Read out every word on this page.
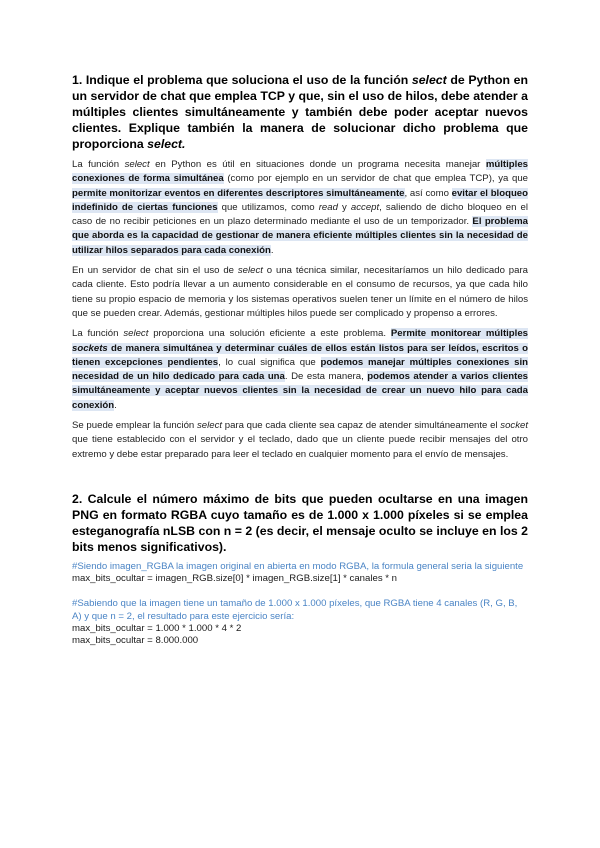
1. Indique el problema que soluciona el uso de la función select de Python en un servidor de chat que emplea TCP y que, sin el uso de hilos, debe atender a múltiples clientes simultáneamente y también debe poder aceptar nuevos clientes. Explique también la manera de solucionar dicho problema que proporciona select.

La función select en Python es útil en situaciones donde un programa necesita manejar múltiples conexiones de forma simultánea (como por ejemplo en un servidor de chat que emplea TCP), ya que permite monitorizar eventos en diferentes descriptores simultáneamente, así como evitar el bloqueo indefinido de ciertas funciones que utilizamos, como read y accept, saliendo de dicho bloqueo en el caso de no recibir peticiones en un plazo determinado mediante el uso de un temporizador. El problema que aborda es la capacidad de gestionar de manera eficiente múltiples clientes sin la necesidad de utilizar hilos separados para cada conexión.

En un servidor de chat sin el uso de select o una técnica similar, necesitaríamos un hilo dedicado para cada cliente. Esto podría llevar a un aumento considerable en el consumo de recursos, ya que cada hilo tiene su propio espacio de memoria y los sistemas operativos suelen tener un límite en el número de hilos que se pueden crear. Además, gestionar múltiples hilos puede ser complicado y propenso a errores.

La función select proporciona una solución eficiente a este problema. Permite monitorear múltiples sockets de manera simultánea y determinar cuáles de ellos están listos para ser leídos, escritos o tienen excepciones pendientes, lo cual significa que podemos manejar múltiples conexiones sin necesidad de un hilo dedicado para cada una. De esta manera, podemos atender a varios clientes simultáneamente y aceptar nuevos clientes sin la necesidad de crear un nuevo hilo para cada conexión.

Se puede emplear la función select para que cada cliente sea capaz de atender simultáneamente el socket que tiene establecido con el servidor y el teclado, dado que un cliente puede recibir mensajes del otro extremo y debe estar preparado para leer el teclado en cualquier momento para el envío de mensajes.

2. Calcule el número máximo de bits que pueden ocultarse en una imagen PNG en formato RGBA cuyo tamaño es de 1.000 x 1.000 píxeles si se emplea esteganografía nLSB con n = 2 (es decir, el mensaje oculto se incluye en los 2 bits menos significativos).

#Siendo imagen_RGBA la imagen original en abierta en modo RGBA, la formula general seria la siguiente

max_bits_ocultar = imagen_RGB.size[0] * imagen_RGB.size[1] * canales * n

#Sabiendo que la imagen tiene un tamaño de 1.000 x 1.000 píxeles, que RGBA tiene 4 canales (R, G, B, A) y que n = 2, el resultado para este ejercicio sería:

max_bits_ocultar = 1.000 * 1.000 * 4 * 2

max_bits_ocultar = 8.000.000
